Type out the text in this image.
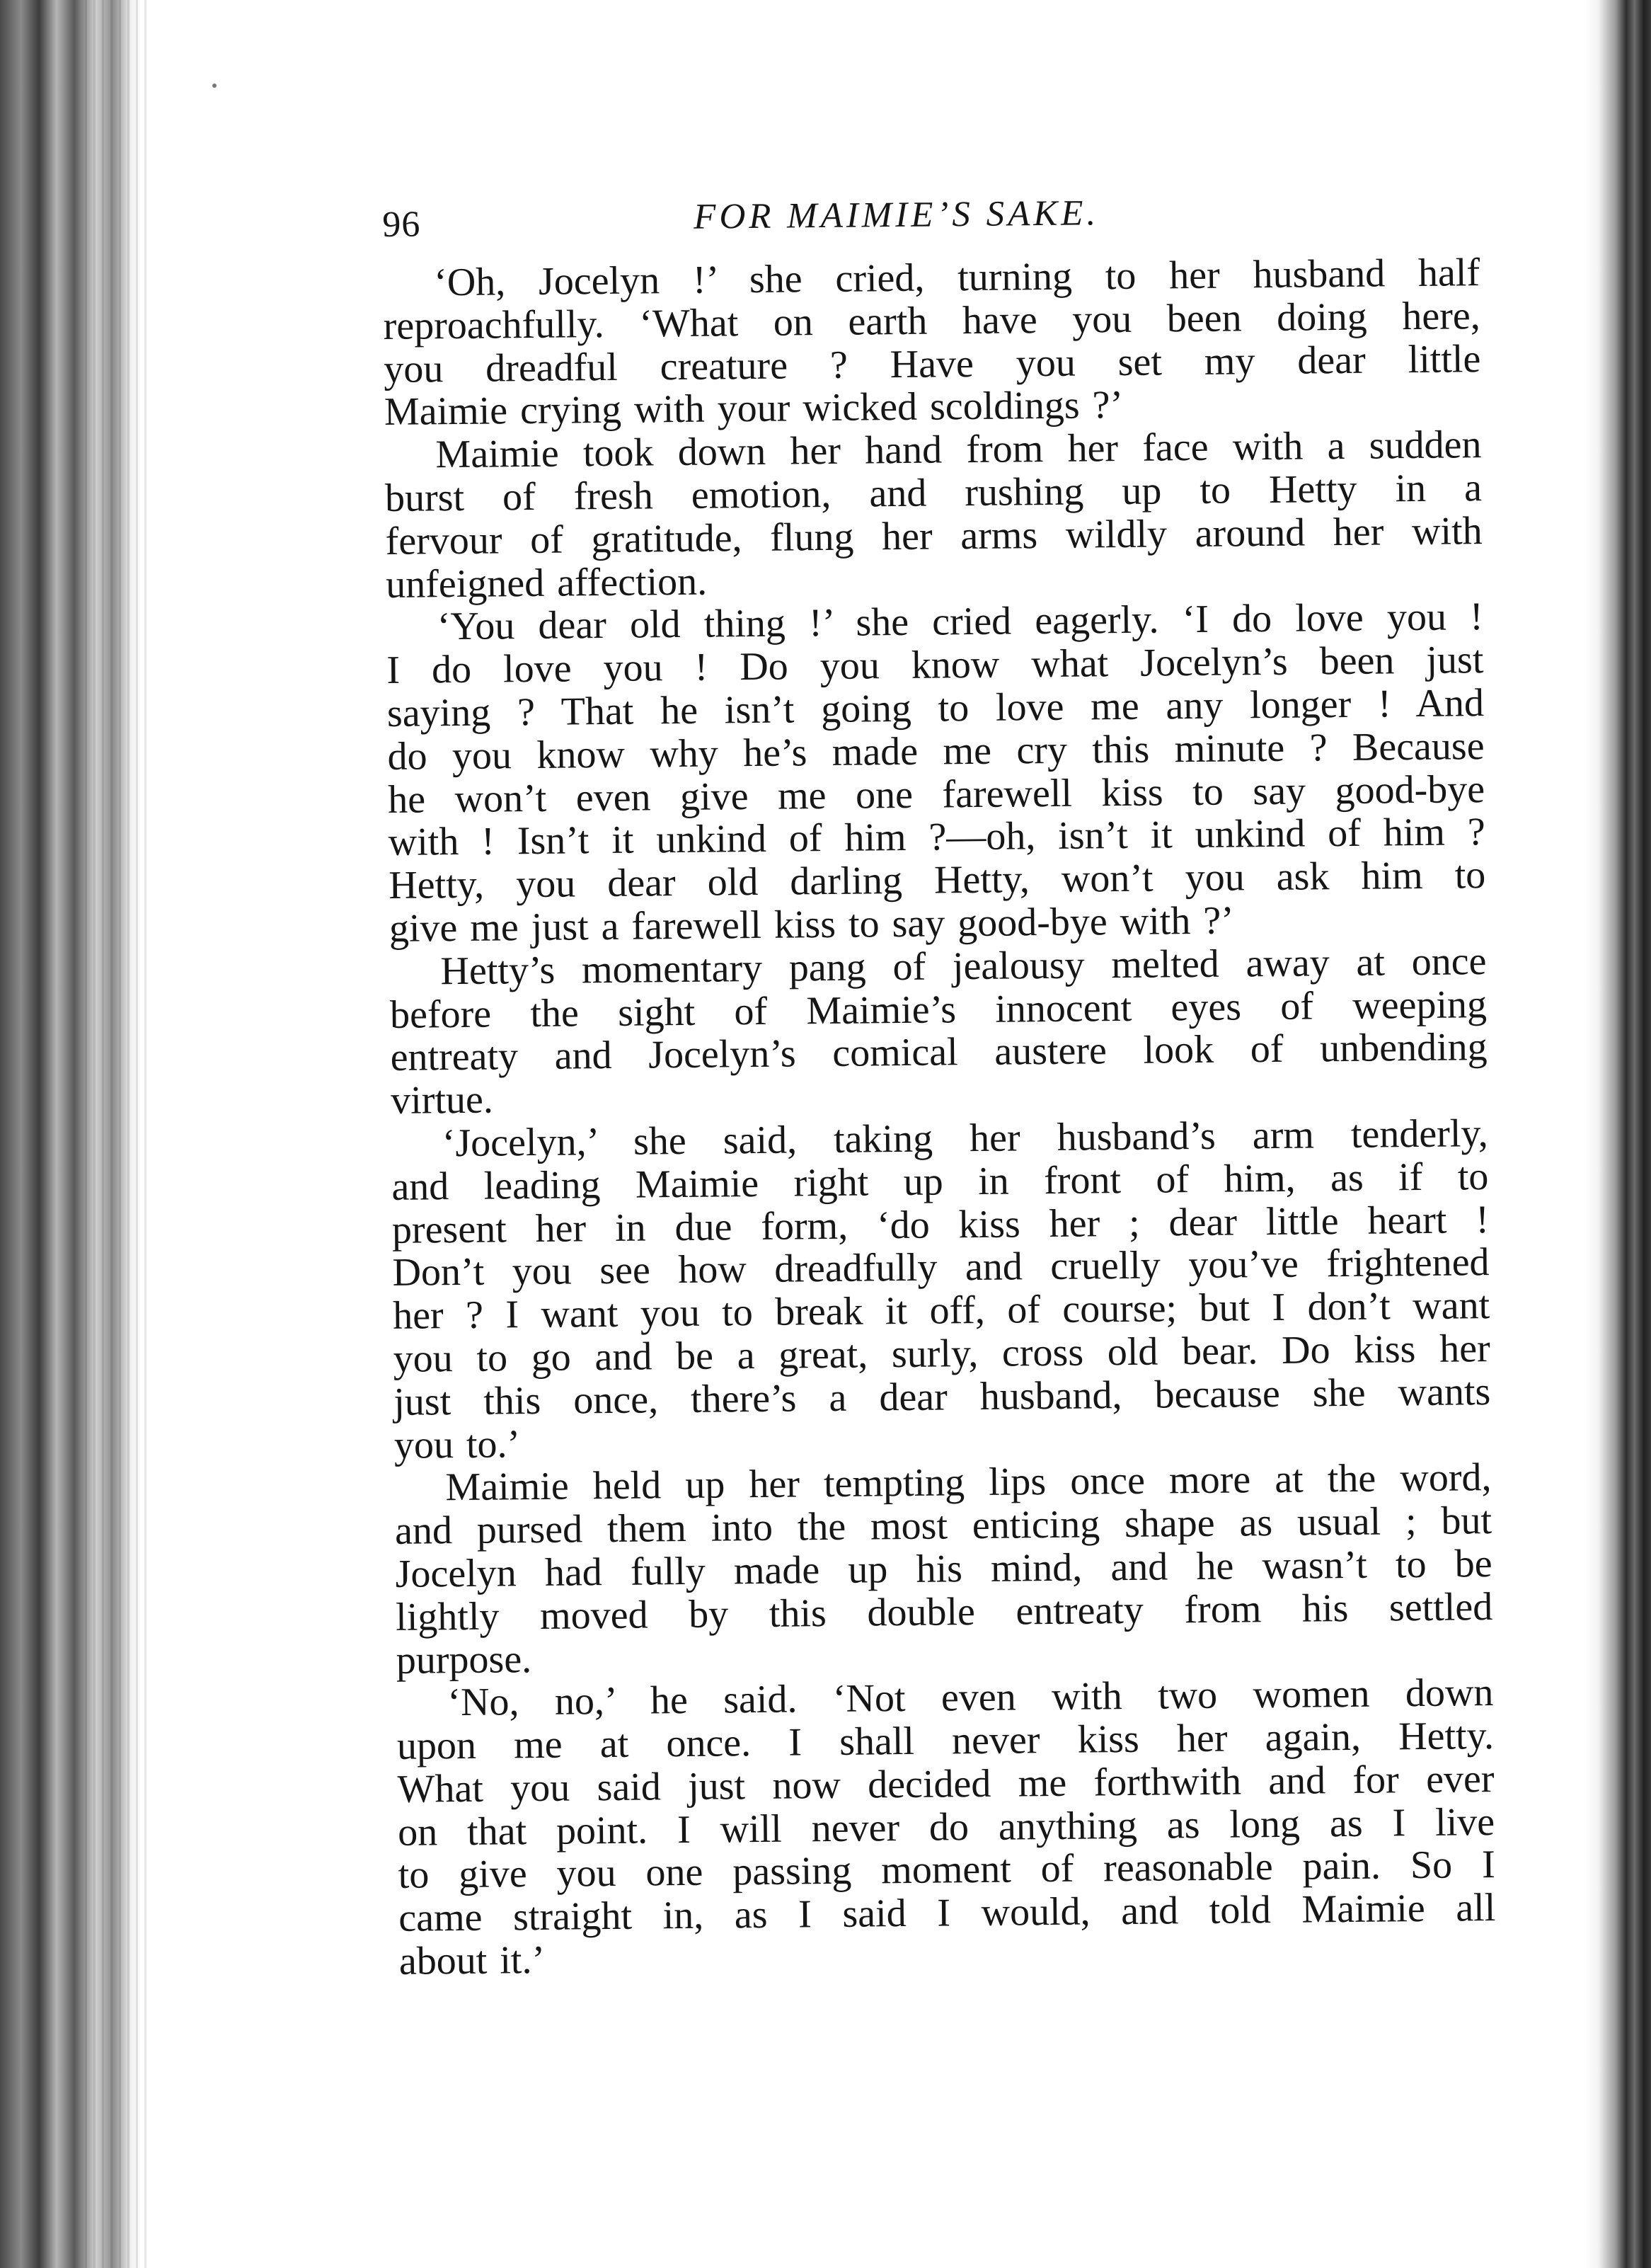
96	FOR MAIMIE’S SAKE.

‘Oh, Jocelyn !’ she cried, turning to her husband half
reproachfully. ‘What on earth have you been doing here,
you dreadful creature ? Have you set my dear little
Maimie crying with your wicked scoldings ?’

Maimie took down her hand from her face with a sudden
burst of fresh emotion, and rushing up to Hetty in a
fervour of gratitude, flung her arms wildly around her with
unfeigned affection.

‘You dear old thing !’ she cried eagerly. ‘I do love you !
I do love you ! Do you know what Jocelyn’s been just
saying ? That he isn’t going to love me any longer ! And
do you know why he’s made me cry this minute ? Because
he won’t even give me one farewell kiss to say good-bye
with ! Isn’t it unkind of him ?—oh, isn’t it unkind of him ?
Hetty, you dear old darling Hetty, won’t you ask him to
give me just a farewell kiss to say good-bye with ?’

Hetty’s momentary pang of jealousy melted away at once
before the sight of Maimie’s innocent eyes of weeping
entreaty and Jocelyn’s comical austere look of unbending
virtue.

‘Jocelyn,’ she said, taking her husband’s arm tenderly,
and leading Maimie right up in front of him, as if to
present her in due form, ‘do kiss her ; dear little heart !
Don’t you see how dreadfully and cruelly you’ve frightened
her ? I want you to break it off, of course; but I don’t want
you to go and be a great, surly, cross old bear. Do kiss her
just this once, there’s a dear husband, because she wants
you to.’

Maimie held up her tempting lips once more at the word,
and pursed them into the most enticing shape as usual ; but
Jocelyn had fully made up his mind, and he wasn’t to be
lightly moved by this double entreaty from his settled
purpose.

‘No, no,’ he said. ‘Not even with two women down
upon me at once. I shall never kiss her again, Hetty.
What you said just now decided me forthwith and for ever
on that point. I will never do anything as long as I live
to give you one passing moment of reasonable pain. So I
came straight in, as I said I would, and told Maimie all
about it.’
